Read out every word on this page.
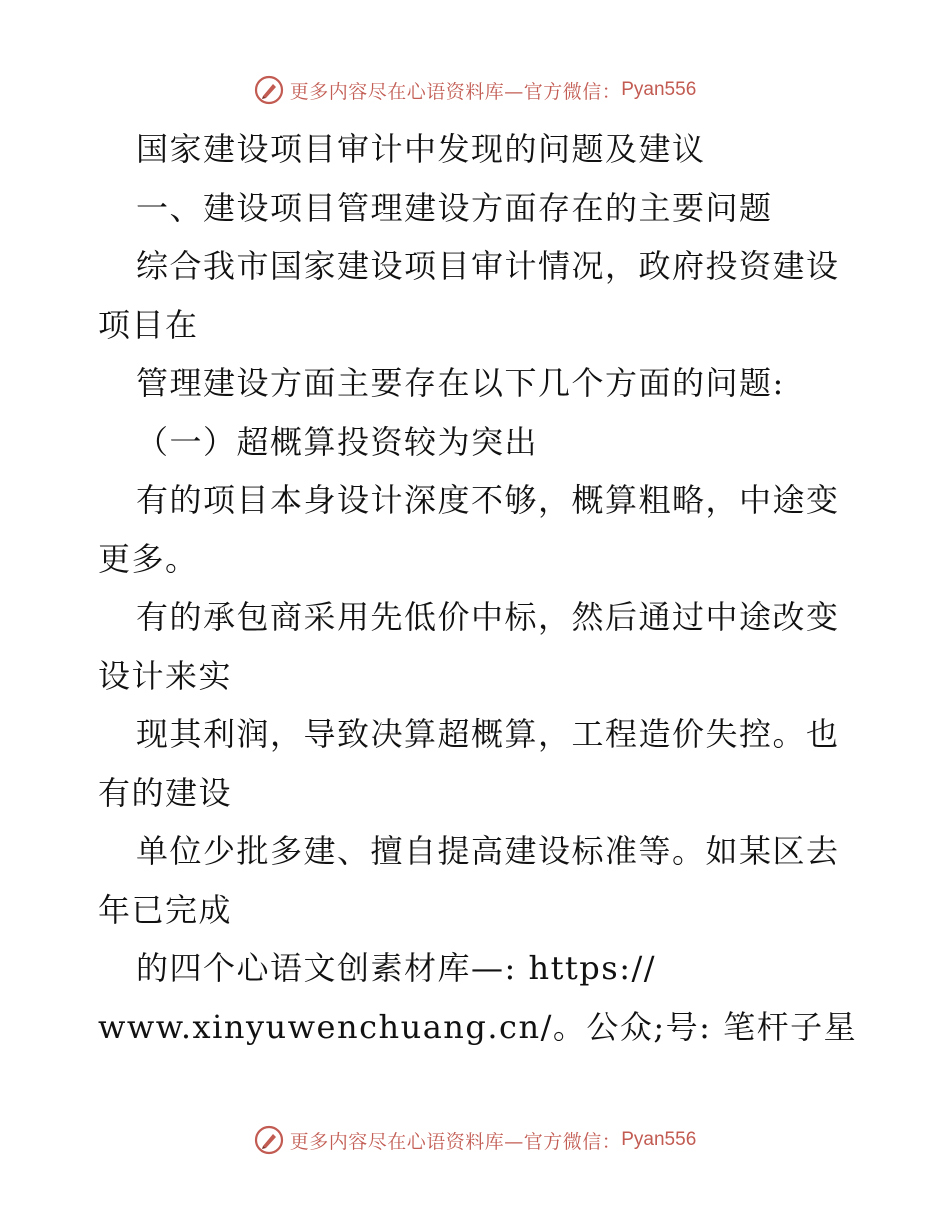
更多内容尽在心语资料库—官方微信： Pyan556
国家建设项目审计中发现的问题及建议
一、建设项目管理建设方面存在的主要问题
综合我市国家建设项目审计情况，政府投资建设
项目在
管理建设方面主要存在以下几个方面的问题:
（一）超概算投资较为突出
有的项目本身设计深度不够，概算粗略，中途变
更多。
有的承包商采用先低价中标，然后通过中途改变
设计来实
现其利润，导致决算超概算，工程造价失控。也
有的建设
单位少批多建、擅自提高建设标准等。如某区去
年已完成
的四个心语文创素材库—: https://
www.xinyuwenchuang.cn/。公众;号: 笔杆子星
更多内容尽在心语资料库—官方微信： Pyan556
